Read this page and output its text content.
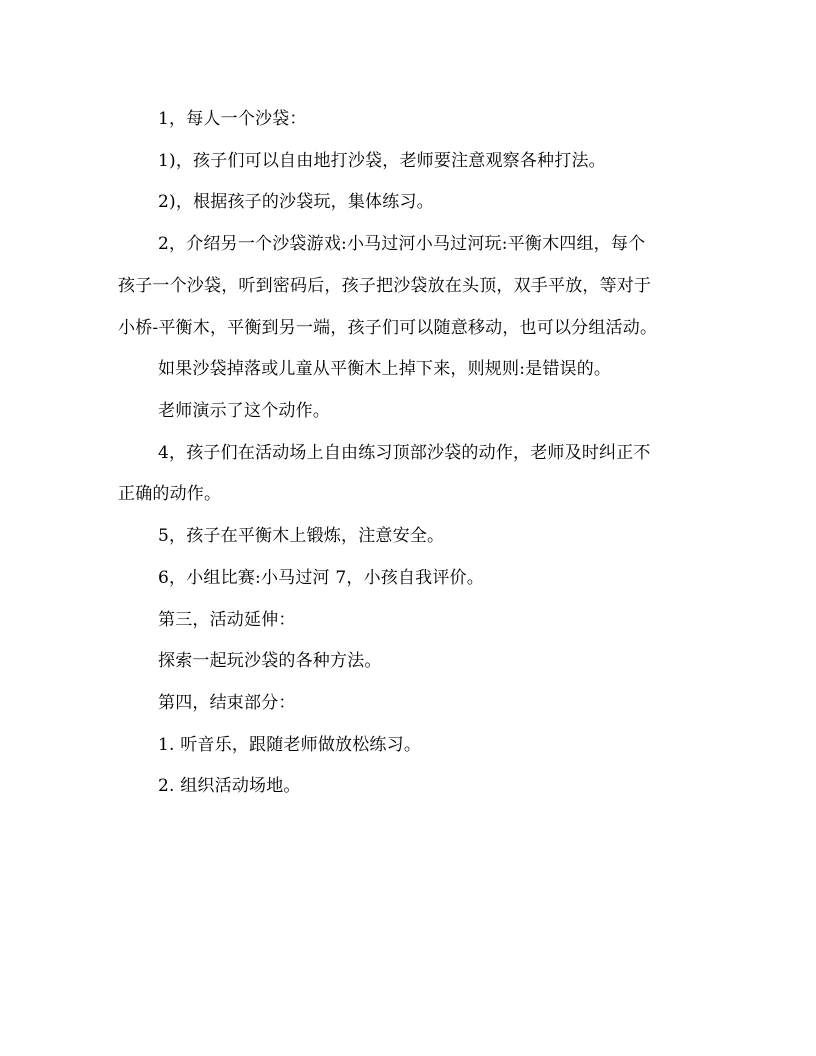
1，每人一个沙袋：
1)，孩子们可以自由地打沙袋，老师要注意观察各种打法。
2)，根据孩子的沙袋玩，集体练习。
2，介绍另一个沙袋游戏:小马过河小马过河玩:平衡木四组，每个
孩子一个沙袋，听到密码后，孩子把沙袋放在头顶，双手平放，等对于
小桥-平衡木，平衡到另一端，孩子们可以随意移动，也可以分组活动。
如果沙袋掉落或儿童从平衡木上掉下来，则规则:是错误的。
老师演示了这个动作。
4，孩子们在活动场上自由练习顶部沙袋的动作，老师及时纠正不
正确的动作。
5，孩子在平衡木上锻炼，注意安全。
6，小组比赛:小马过河 7，小孩自我评价。
第三，活动延伸：
探索一起玩沙袋的各种方法。
第四，结束部分：
1. 听音乐，跟随老师做放松练习。
2. 组织活动场地。
